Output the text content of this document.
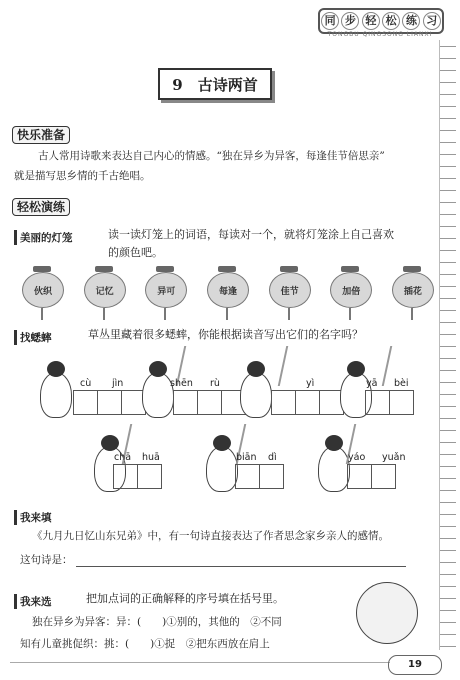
同 步 轻 松 练 习
TONGBU QINGSONG LIANXI
9　古诗两首
快乐准备
古人常用诗歌来表达自己内心的情感。“独在异乡为异客，每逢佳节倍思亲”
就是描写思乡情的千古绝唱。
轻松演练
美丽的灯笼	读一读灯笼上的词语，每读对一个，就将灯笼涂上自己喜欢
的颜色吧。
伙织	记忆	异可	每逢	佳节	加倍	插花
找蟋蟀	草丛里藏着很多蟋蟀，你能根据读音写出它们的名字吗？
cù jìn	shēn rù	yì	yā bèi
chā huā	biān dì	yáo yuǎn
我来填
《九月九日忆山东兄弟》中，有一句诗直接表达了作者思念家乡亲人的感情。
这句诗是：
我来选	把加点词的正确解释的序号填在括号里。
独在异乡为异客：异：(　　)①别的，其他的　②不同
知有儿童挑促织：挑：(　　)①捉　②把东西放在肩上
19
